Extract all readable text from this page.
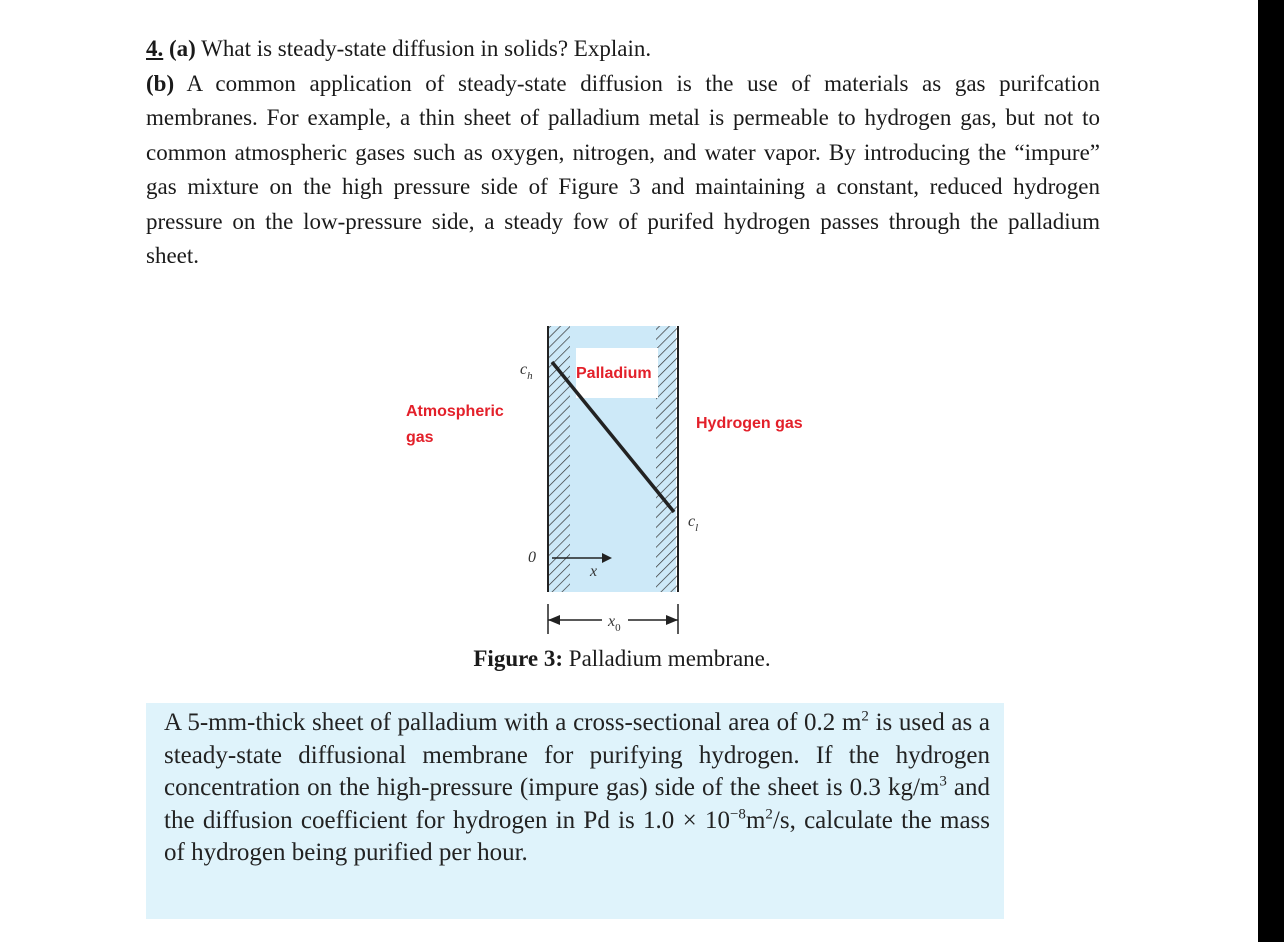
4. (a) What is steady-state diffusion in solids? Explain.

(b) A common application of steady-state diffusion is the use of materials as gas purifcation membranes. For example, a thin sheet of palladium metal is permeable to hydrogen gas, but not to common atmospheric gases such as oxygen, nitrogen, and water vapor. By introducing the “impure” gas mixture on the high pressure side of Figure 3 and maintaining a constant, reduced hydrogen pressure on the low-pressure side, a steady fow of purifed hydrogen passes through the palladium sheet.

Palladium
Atmospheric
gas
Hydrogen gas
$c_h$
$c_l$
0
x
$x_0$
Figure 3: Palladium membrane.
A 5-mm-thick sheet of palladium with a cross-sectional area of 0.2 $m^2$ is used as a steady-state diffusional membrane for purifying hydrogen. If the hydrogen concentration on the high-pressure (impure gas) side of the sheet is 0.3 $kg/m^3$ and the diffusion coefficient for hydrogen in Pd is $1.0 \times 10^{-8}m^2/s$, calculate the mass of hydrogen being purified per hour.
